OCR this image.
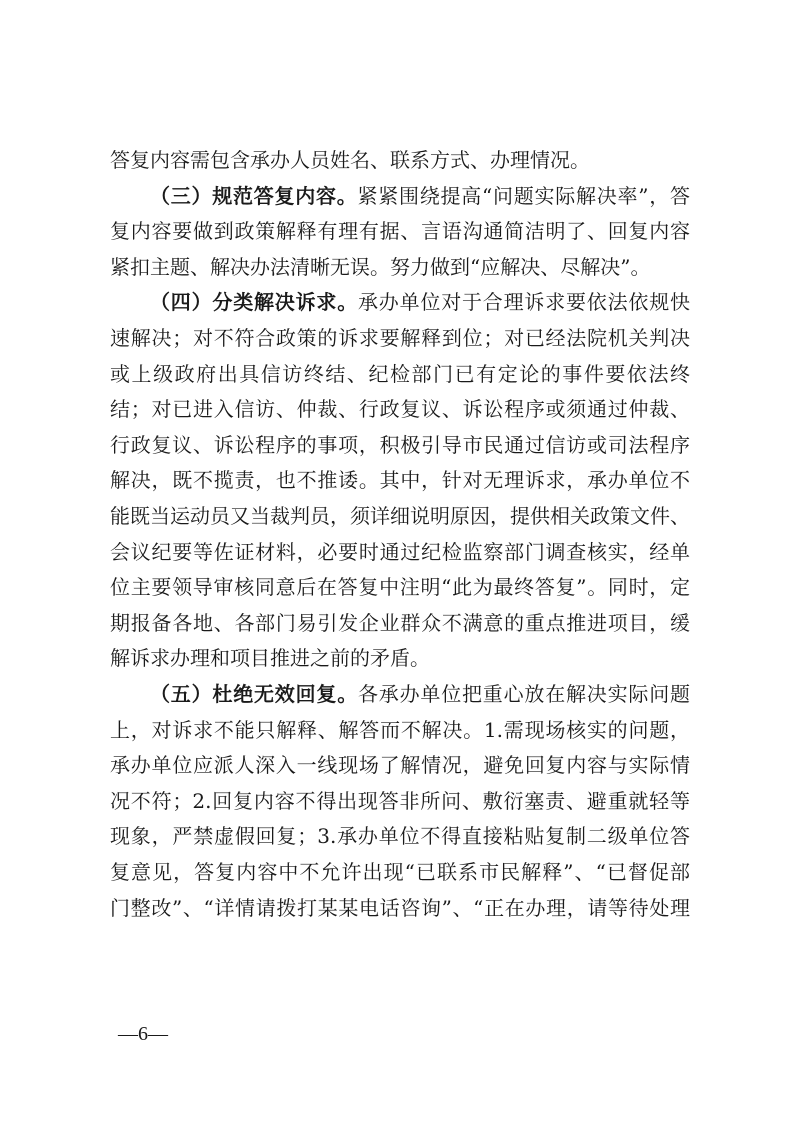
答复内容需包含承办人员姓名、联系方式、办理情况。
（三）规范答复内容。紧紧围绕提高“问题实际解决率”，答
复内容要做到政策解释有理有据、言语沟通简洁明了、回复内容
紧扣主题、解决办法清晰无误。努力做到“应解决、尽解决”。
（四）分类解决诉求。承办单位对于合理诉求要依法依规快
速解决；对不符合政策的诉求要解释到位；对已经法院机关判决
或上级政府出具信访终结、纪检部门已有定论的事件要依法终
结；对已进入信访、仲裁、行政复议、诉讼程序或须通过仲裁、
行政复议、诉讼程序的事项，积极引导市民通过信访或司法程序
解决，既不揽责，也不推诿。其中，针对无理诉求，承办单位不
能既当运动员又当裁判员，须详细说明原因，提供相关政策文件、
会议纪要等佐证材料，必要时通过纪检监察部门调查核实，经单
位主要领导审核同意后在答复中注明“此为最终答复”。同时，定
期报备各地、各部门易引发企业群众不满意的重点推进项目，缓
解诉求办理和项目推进之前的矛盾。
（五）杜绝无效回复。各承办单位把重心放在解决实际问题
上，对诉求不能只解释、解答而不解决。1.需现场核实的问题，
承办单位应派人深入一线现场了解情况，避免回复内容与实际情
况不符；2.回复内容不得出现答非所问、敷衍塞责、避重就轻等
现象，严禁虚假回复；3.承办单位不得直接粘贴复制二级单位答
复意见，答复内容中不允许出现“已联系市民解释”、“已督促部
门整改”、“详情请拨打某某电话咨询”、“正在办理，请等待处理
—6—
